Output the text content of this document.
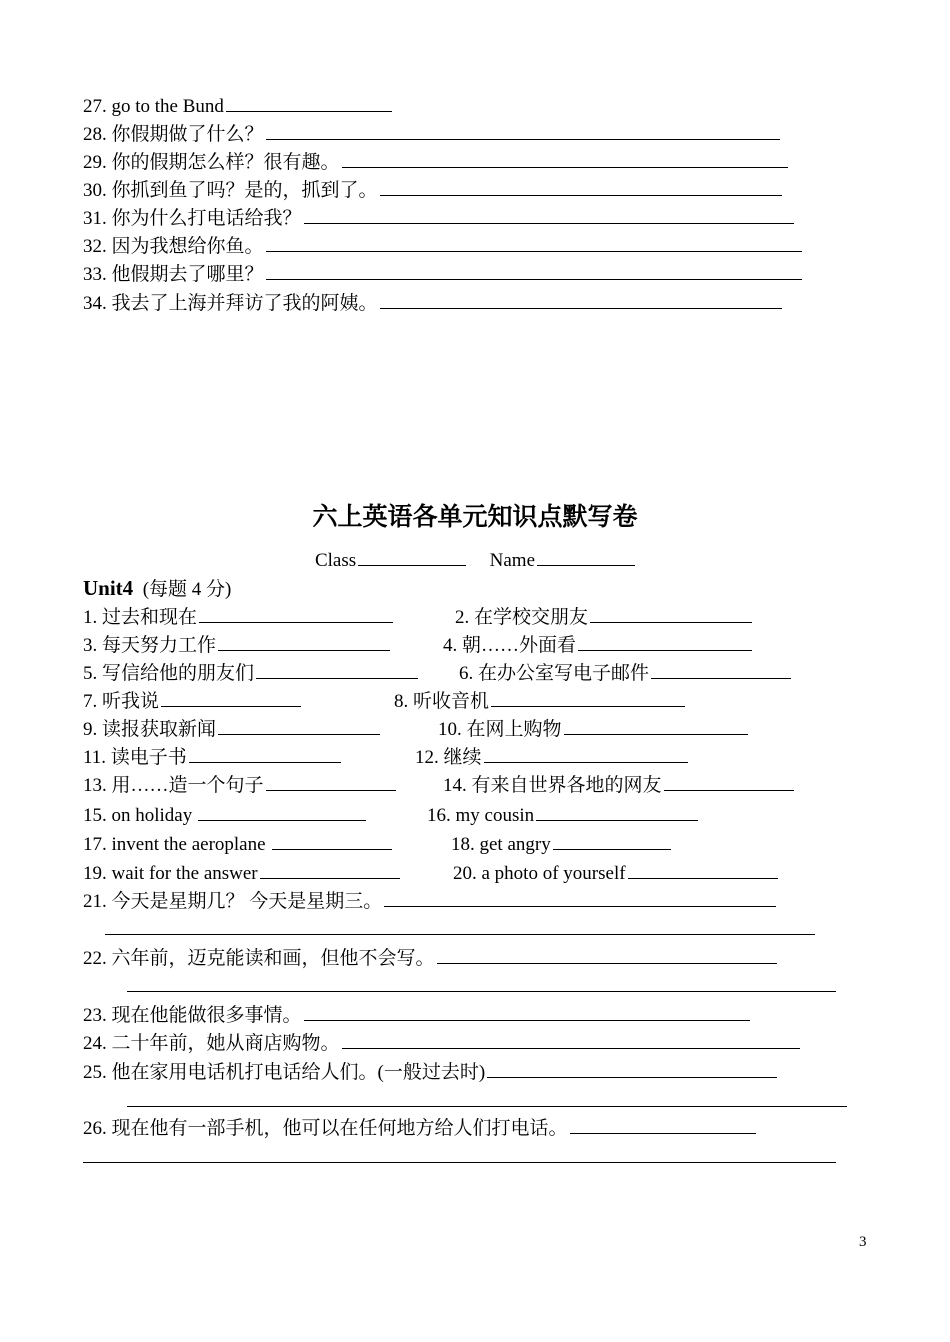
27. go to the Bund
28. 你假期做了什么？
29. 你的假期怎么样？很有趣。
30. 你抓到鱼了吗？是的，抓到了。
31. 你为什么打电话给我？
32. 因为我想给你鱼。
33. 他假期去了哪里？
34. 我去了上海并拜访了我的阿姨。
六上英语各单元知识点默写卷
Class	Name
Unit4 (每题 4 分)
1. 过去和现在	2. 在学校交朋友
3. 每天努力工作	4. 朝……外面看
5. 写信给他的朋友们	6. 在办公室写电子邮件
7. 听我说	8. 听收音机
9. 读报获取新闻	10. 在网上购物
11. 读电子书	12. 继续
13. 用……造一个句子	14. 有来自世界各地的网友
15. on holiday	16. my cousin
17. invent the aeroplane	18. get angry
19. wait for the answer	20. a photo of yourself
21. 今天是星期几？ 今天是星期三。
22. 六年前，迈克能读和画，但他不会写。
23. 现在他能做很多事情。
24. 二十年前，她从商店购物。
25. 他在家用电话机打电话给人们。(一般过去时)
26. 现在他有一部手机，他可以在任何地方给人们打电话。
3
